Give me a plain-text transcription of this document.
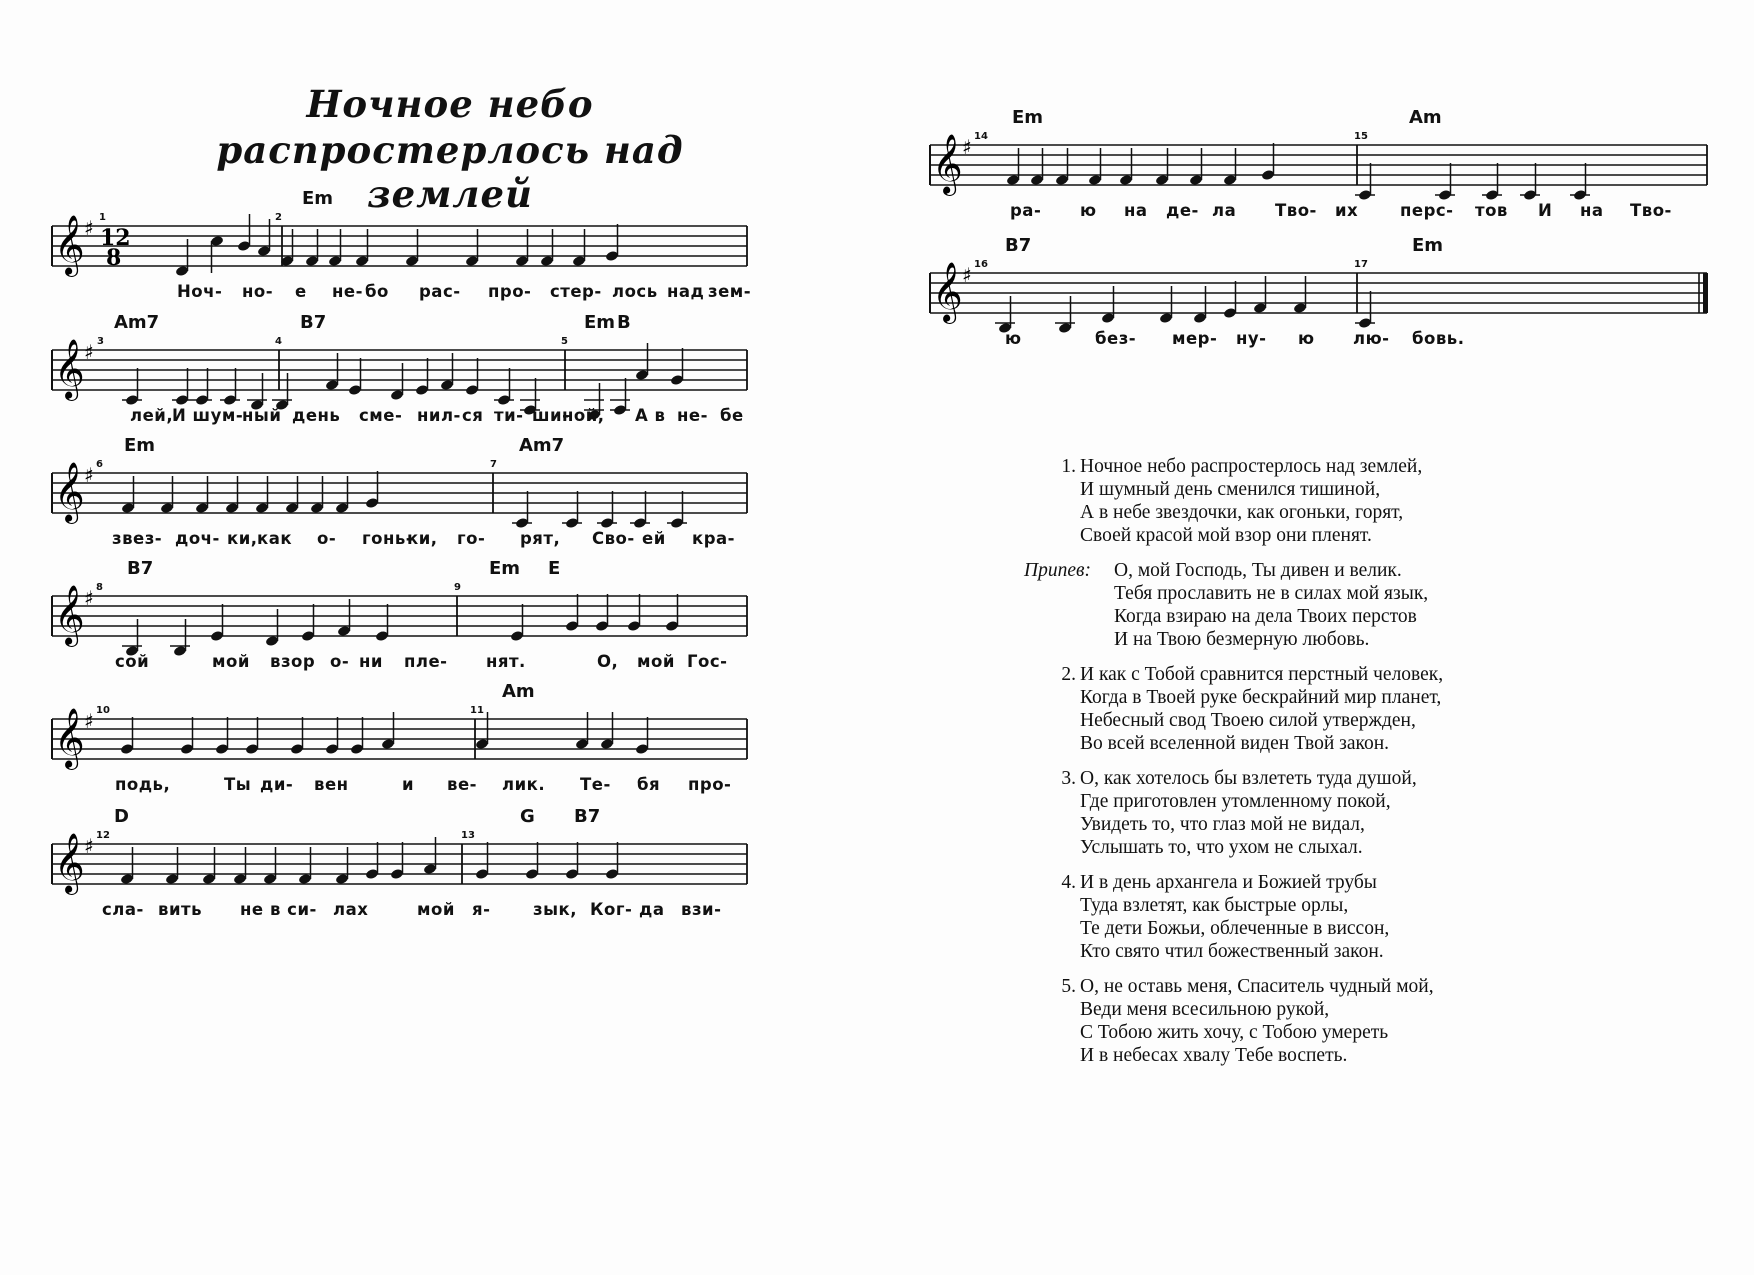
Ночное небо
распростерлось над землей
𝄞 ♯ 12
8
1	2
Em
Ноч- но- е не- бо рас- про- стер- лось над зем-
𝄞 ♯ 3	4	5
Am7	B7	Em B
лей,
И шум-
ный день сме- нил- ся ти- ши-
ной, А в не- бе
𝄞 ♯ 6	7
Em	Am7
звез- доч- ки, как о- гонь-
ки, го- рят, Сво- ей кра-
𝄞 ♯ 8	9
B7	Em E
сой	мой взор о- ни пле- нят.	О, мой Гос-
𝄞 ♯ 10	11
Am
подь,	Ты ди- вен	и ве- лик. Те- бя про-
𝄞 ♯ 12	13
D	G B7
сла- вить не в си- лах	мой я-	зык, Ког- да взи-
𝄞 ♯ 14	15
Em	Am
ра- ю на де- ла Тво- их	перс- тов И на Тво-
𝄞 ♯ 16	17
B7	Em
ю	без- мер- ну- ю лю- бовь.
1. Ночное небо распростерлось над землей,
И шумный день сменился тишиной,
А в небе звездочки, как огоньки, горят,
Своей красой мой взор они пленят.
Припев:	О, мой Господь, Ты дивен и велик.
Тебя прославить не в силах мой язык,
Когда взираю на дела Твоих перстов
И на Твою безмерную любовь.
2. И как с Тобой сравнится перстный человек,
Когда в Твоей руке бескрайний мир планет,
Небесный свод Твоею силой утвержден,
Во всей вселенной виден Твой закон.
3. О, как хотелось бы взлететь туда душой,
Где приготовлен утомленному покой,
Увидеть то, что глаз мой не видал,
Услышать то, что ухом не слыхал.
4. И в день архангела и Божией трубы
Туда взлетят, как быстрые орлы,
Те дети Божьи, облеченные в виссон,
Кто свято чтил божественный закон.
5. О, не оставь меня, Спаситель чудный мой,
Веди меня всесильною рукой,
С Тобою жить хочу, с Тобою умереть
И в небесах хвалу Тебе воспеть.
